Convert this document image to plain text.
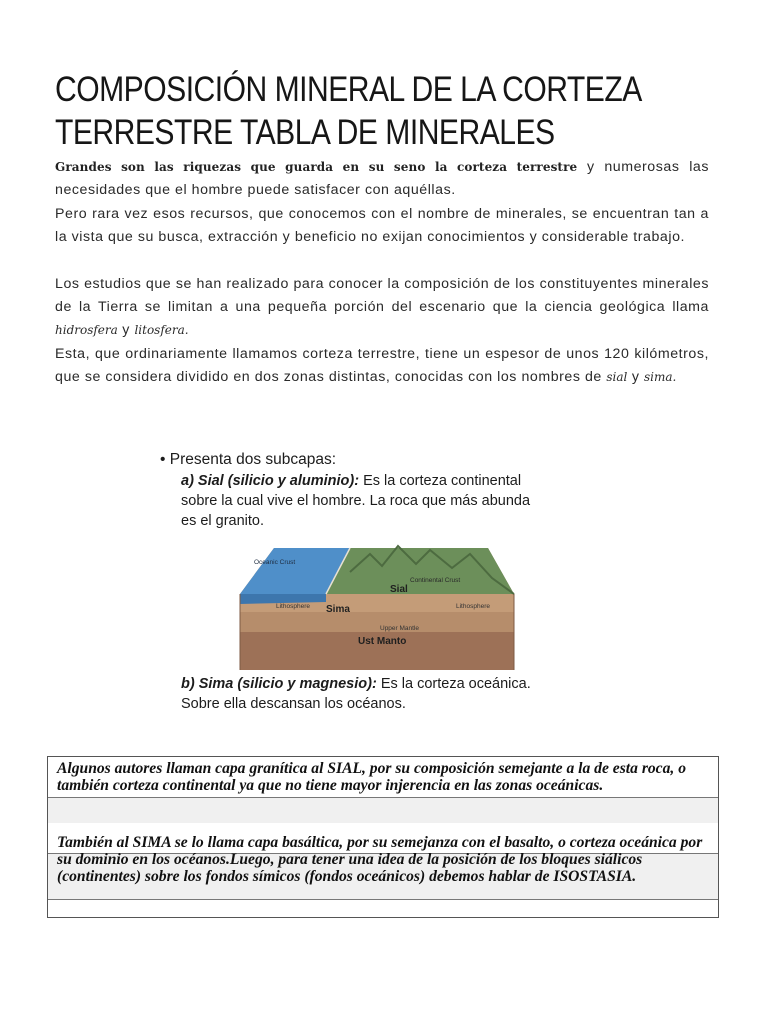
COMPOSICIÓN MINERAL DE LA CORTEZA
TERRESTRE TABLA DE MINERALES

Grandes son las riquezas que guarda en su seno la corteza terrestre y numerosas las necesidades que el hombre puede satisfacer con aquéllas.

Pero rara vez esos recursos, que conocemos con el nombre de minerales, se encuentran tan a la vista que su busca, extracción y beneficio no exijan conocimientos y considerable trabajo.

Los estudios que se han realizado para conocer la composición de los constituyentes minerales de la Tierra se limitan a una pequeña porción del escenario que la ciencia geológica llama hidrosfera y litosfera.

Esta, que ordinariamente llamamos corteza terrestre, tiene un espesor de unos 120 kilómetros, que se considera dividido en dos zonas distintas, conocidas con los nombres de sial y sima.

• Presenta dos subcapas:
a) Sial (silicio y aluminio): Es la corteza continental
sobre la cual vive el hombre. La roca que más abunda
es el granito.
Oceanic Crust
Continental Crust
Sial
Sima
Lithosphere	Lithosphere
Upper Mantle
Ust Manto
b) Sima (silicio y magnesio): Es la corteza oceánica.
Sobre ella descansan los océanos.

Algunos autores llaman capa granítica al SIAL, por su composición semejante a la de esta roca, o también corteza continental ya que no tiene mayor injerencia en las zonas oceánicas.

También al SIMA se lo llama capa basáltica, por su semejanza con el basalto, o corteza oceánica por su dominio en los océanos.Luego, para tener una idea de la posición de los bloques siálicos (continentes) sobre los fondos símicos (fondos oceánicos) debemos hablar de ISOSTASIA.
